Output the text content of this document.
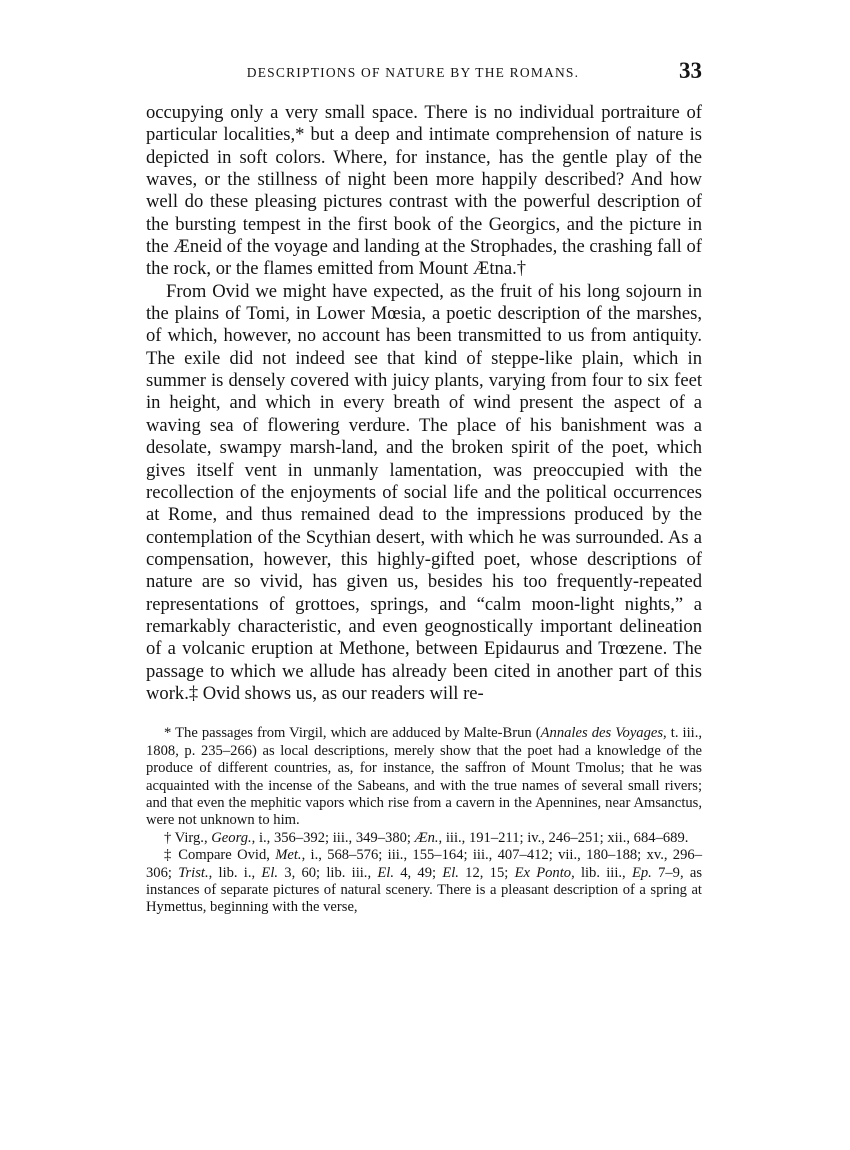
DESCRIPTIONS OF NATURE BY THE ROMANS.	33

occupying only a very small space. There is no individual portraiture of particular localities,* but a deep and intimate comprehension of nature is depicted in soft colors. Where, for instance, has the gentle play of the waves, or the stillness of night been more happily described? And how well do these pleasing pictures contrast with the powerful description of the bursting tempest in the first book of the Georgics, and the picture in the Æneid of the voyage and landing at the Strophades, the crashing fall of the rock, or the flames emitted from Mount Ætna.†

From Ovid we might have expected, as the fruit of his long sojourn in the plains of Tomi, in Lower Mœsia, a poetic description of the marshes, of which, however, no account has been transmitted to us from antiquity. The exile did not indeed see that kind of steppe-like plain, which in summer is densely covered with juicy plants, varying from four to six feet in height, and which in every breath of wind present the aspect of a waving sea of flowering verdure. The place of his banishment was a desolate, swampy marsh-land, and the broken spirit of the poet, which gives itself vent in unmanly lamentation, was preoccupied with the recollection of the enjoyments of social life and the political occurrences at Rome, and thus remained dead to the impressions produced by the contemplation of the Scythian desert, with which he was surrounded. As a compensation, however, this highly-gifted poet, whose descriptions of nature are so vivid, has given us, besides his too frequently-repeated representations of grottoes, springs, and “calm moon-light nights,” a remarkably characteristic, and even geognostically important delineation of a volcanic eruption at Methone, between Epidaurus and Trœzene. The passage to which we allude has already been cited in another part of this work.‡ Ovid shows us, as our readers will re-

* The passages from Virgil, which are adduced by Malte-Brun (Annales des Voyages, t. iii., 1808, p. 235–266) as local descriptions, merely show that the poet had a knowledge of the produce of different countries, as, for instance, the saffron of Mount Tmolus; that he was acquainted with the incense of the Sabeans, and with the true names of several small rivers; and that even the mephitic vapors which rise from a cavern in the Apennines, near Amsanctus, were not unknown to him.

† Virg., Georg., i., 356–392; iii., 349–380; Æn., iii., 191–211; iv., 246–251; xii., 684–689.

‡ Compare Ovid, Met., i., 568–576; iii., 155–164; iii., 407–412; vii., 180–188; xv., 296–306; Trist., lib. i., El. 3, 60; lib. iii., El. 4, 49; El. 12, 15; Ex Ponto, lib. iii., Ep. 7–9, as instances of separate pictures of natural scenery. There is a pleasant description of a spring at Hymettus, beginning with the verse,
